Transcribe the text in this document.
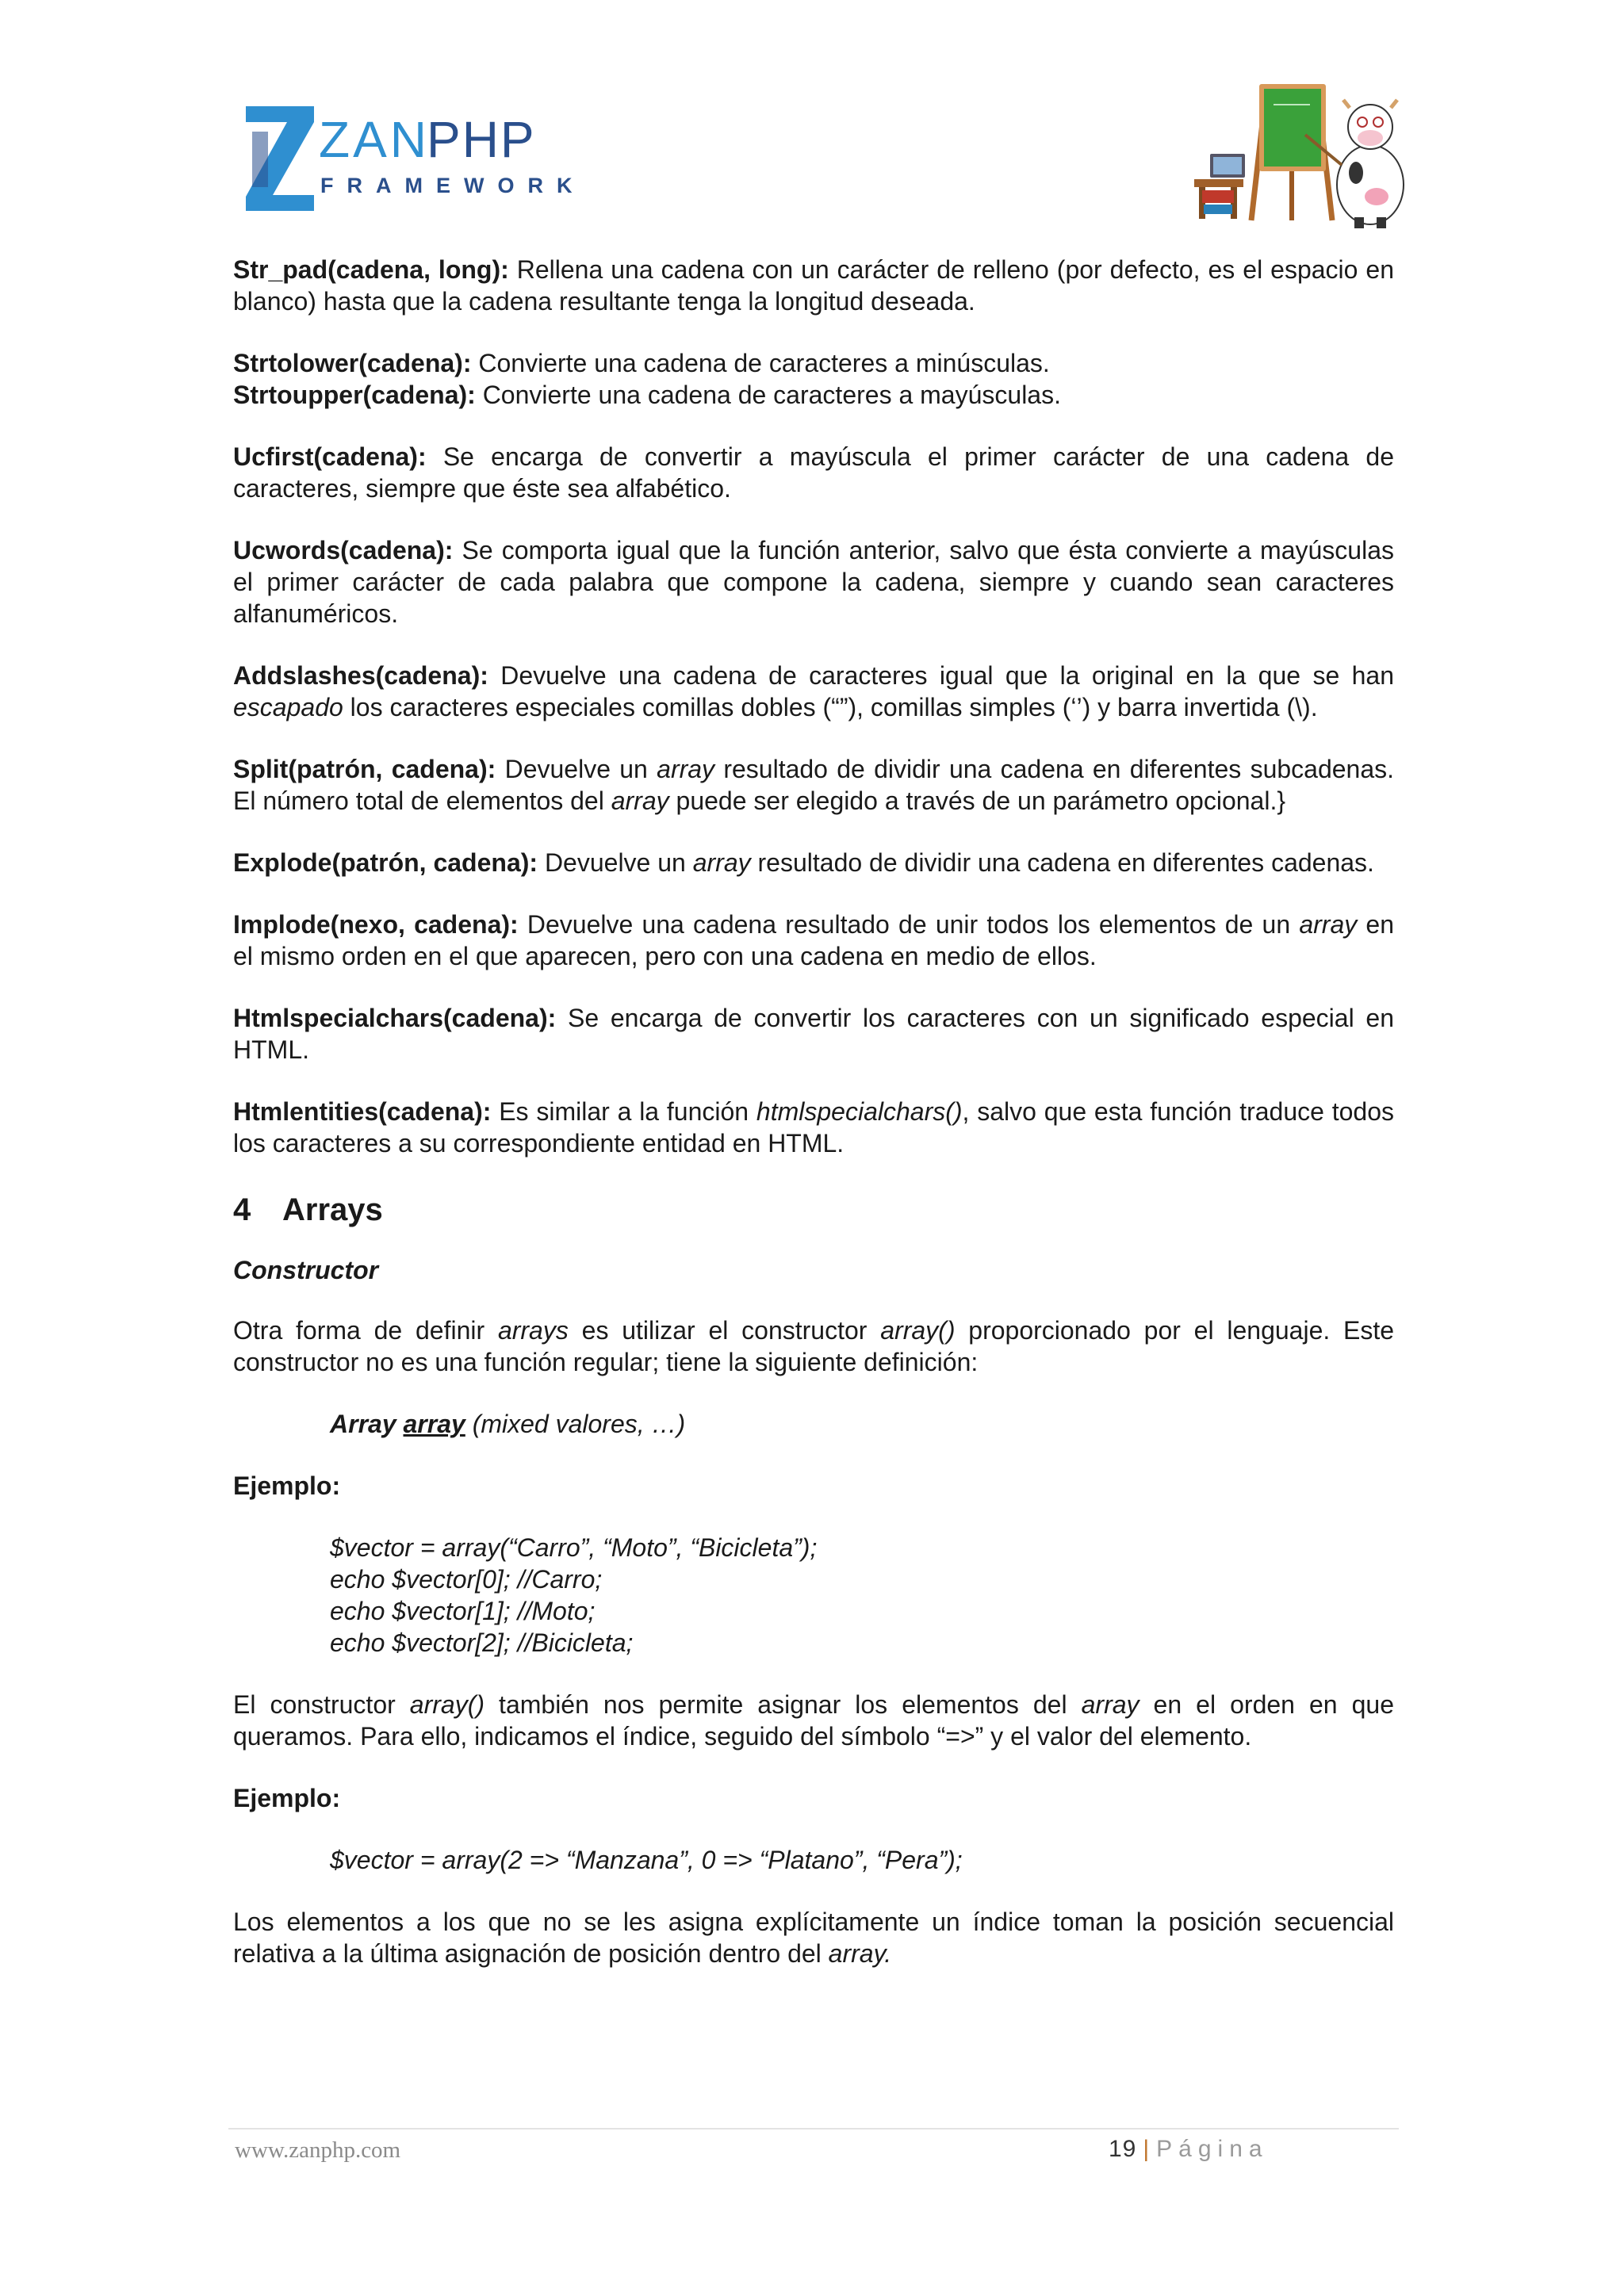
ZAN
PHP
FRAMEWORK

Str_pad(cadena, long): Rellena una cadena con un carácter de relleno (por defecto, es el espacio en blanco) hasta que la cadena resultante tenga la longitud deseada.

Strtolower(cadena): Convierte una cadena de caracteres a minúsculas.

Strtoupper(cadena): Convierte una cadena de caracteres a mayúsculas.

Ucfirst(cadena): Se encarga de convertir a mayúscula el primer carácter de una cadena de caracteres, siempre que éste sea alfabético.

Ucwords(cadena): Se comporta igual que la función anterior, salvo que ésta convierte a mayúsculas el primer carácter de cada palabra que compone la cadena, siempre y cuando sean caracteres alfanuméricos.

Addslashes(cadena): Devuelve una cadena de caracteres igual que la original en la que se han escapado los caracteres especiales comillas dobles (“”), comillas simples (‘’) y barra invertida (\).

Split(patrón, cadena): Devuelve un array resultado de dividir una cadena en diferentes subcadenas. El número total de elementos del array puede ser elegido a través de un parámetro opcional.}

Explode(patrón, cadena): Devuelve un array resultado de dividir una cadena en diferentes cadenas.

Implode(nexo, cadena): Devuelve una cadena resultado de unir todos los elementos de un array en el mismo orden en el que aparecen, pero con una cadena en medio de ellos.

Htmlspecialchars(cadena): Se encarga de convertir los caracteres con un significado especial en HTML.

Htmlentities(cadena): Es similar a la función htmlspecialchars(), salvo que esta función traduce todos los caracteres a su correspondiente entidad en HTML.

4 Arrays
Constructor

Otra forma de definir arrays es utilizar el constructor array() proporcionado por el lenguaje. Este constructor no es una función regular; tiene la siguiente definición:

Array array (mixed valores, …)

Ejemplo:

$vector = array(“Carro”, “Moto”, “Bicicleta”);
echo $vector[0]; //Carro;
echo $vector[1]; //Moto;
echo $vector[2]; //Bicicleta;

El constructor array() también nos permite asignar los elementos del array en el orden en que queramos. Para ello, indicamos el índice, seguido del símbolo “=>” y el valor del elemento.

Ejemplo:

$vector = array(2 => “Manzana”, 0 => “Platano”, “Pera”);

Los elementos a los que no se les asigna explícitamente un índice toman la posición secuencial relativa a la última asignación de posición dentro del array.

www.zanphp.com	19 | Página
